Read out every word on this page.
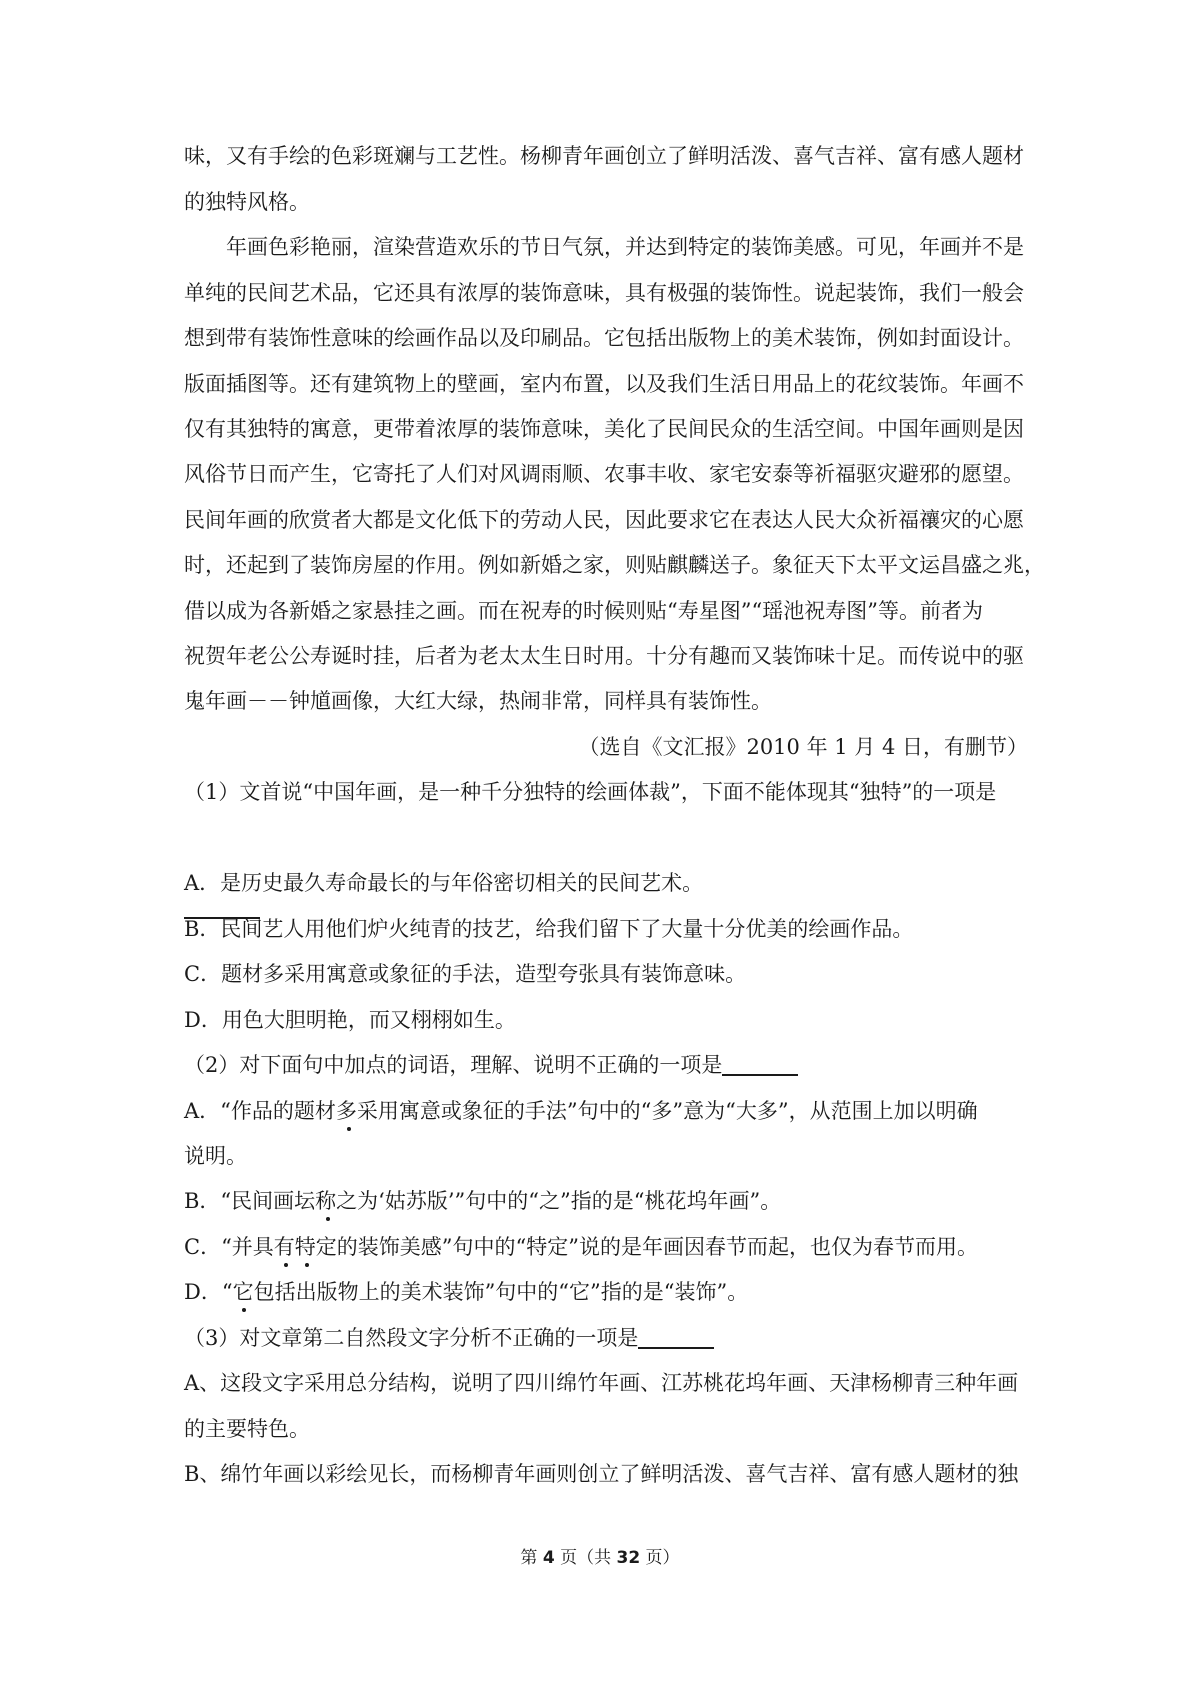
味，又有手绘的色彩斑斓与工艺性。杨柳青年画创立了鲜明活泼、喜气吉祥、富有感人题材
的独特风格。
年画色彩艳丽，渲染营造欢乐的节日气氛，并达到特定的装饰美感。可见，年画并不是
单纯的民间艺术品，它还具有浓厚的装饰意味，具有极强的装饰性。说起装饰，我们一般会
想到带有装饰性意味的绘画作品以及印刷品。它包括出版物上的美术装饰，例如封面设计。
版面插图等。还有建筑物上的壁画，室内布置，以及我们生活日用品上的花纹装饰。年画不
仅有其独特的寓意，更带着浓厚的装饰意味，美化了民间民众的生活空间。中国年画则是因
风俗节日而产生，它寄托了人们对风调雨顺、农事丰收、家宅安泰等祈福驱灾避邪的愿望。
民间年画的欣赏者大都是文化低下的劳动人民，因此要求它在表达人民大众祈福禳灾的心愿
时，还起到了装饰房屋的作用。例如新婚之家，则贴麒麟送子。象征天下太平文运昌盛之兆，
借以成为各新婚之家悬挂之画。而在祝寿的时候则贴“寿星图”“瑶池祝寿图”等。前者为
祝贺年老公公寿诞时挂，后者为老太太生日时用。十分有趣而又装饰味十足。而传说中的驱
鬼年画－－钟馗画像，大红大绿，热闹非常，同样具有装饰性。
（选自《文汇报》2010 年 1 月 4 日，有删节）
（1）文首说“中国年画，是一种千分独特的绘画体裁”，下面不能体现其“独特”的一项是
A．是历史最久寿命最长的与年俗密切相关的民间艺术。
B．民间艺人用他们炉火纯青的技艺，给我们留下了大量十分优美的绘画作品。
C．题材多采用寓意或象征的手法，造型夸张具有装饰意味。
D．用色大胆明艳，而又栩栩如生。
（2）对下面句中加点的词语，理解、说明不正确的一项是
A．“作品的题材多采用寓意或象征的手法”句中的“多”意为“大多”，从范围上加以明确
说明。
B．“民间画坛称之为‘姑苏版’”句中的“之”指的是“桃花坞年画”。
C．“并具有特定的装饰美感”句中的“特定”说的是年画因春节而起，也仅为春节而用。
D．“它包括出版物上的美术装饰”句中的“它”指的是“装饰”。
（3）对文章第二自然段文字分析不正确的一项是
A、这段文字采用总分结构，说明了四川绵竹年画、江苏桃花坞年画、天津杨柳青三种年画
的主要特色。
B、绵竹年画以彩绘见长，而杨柳青年画则创立了鲜明活泼、喜气吉祥、富有感人题材的独
第 4 页（共 32 页）
